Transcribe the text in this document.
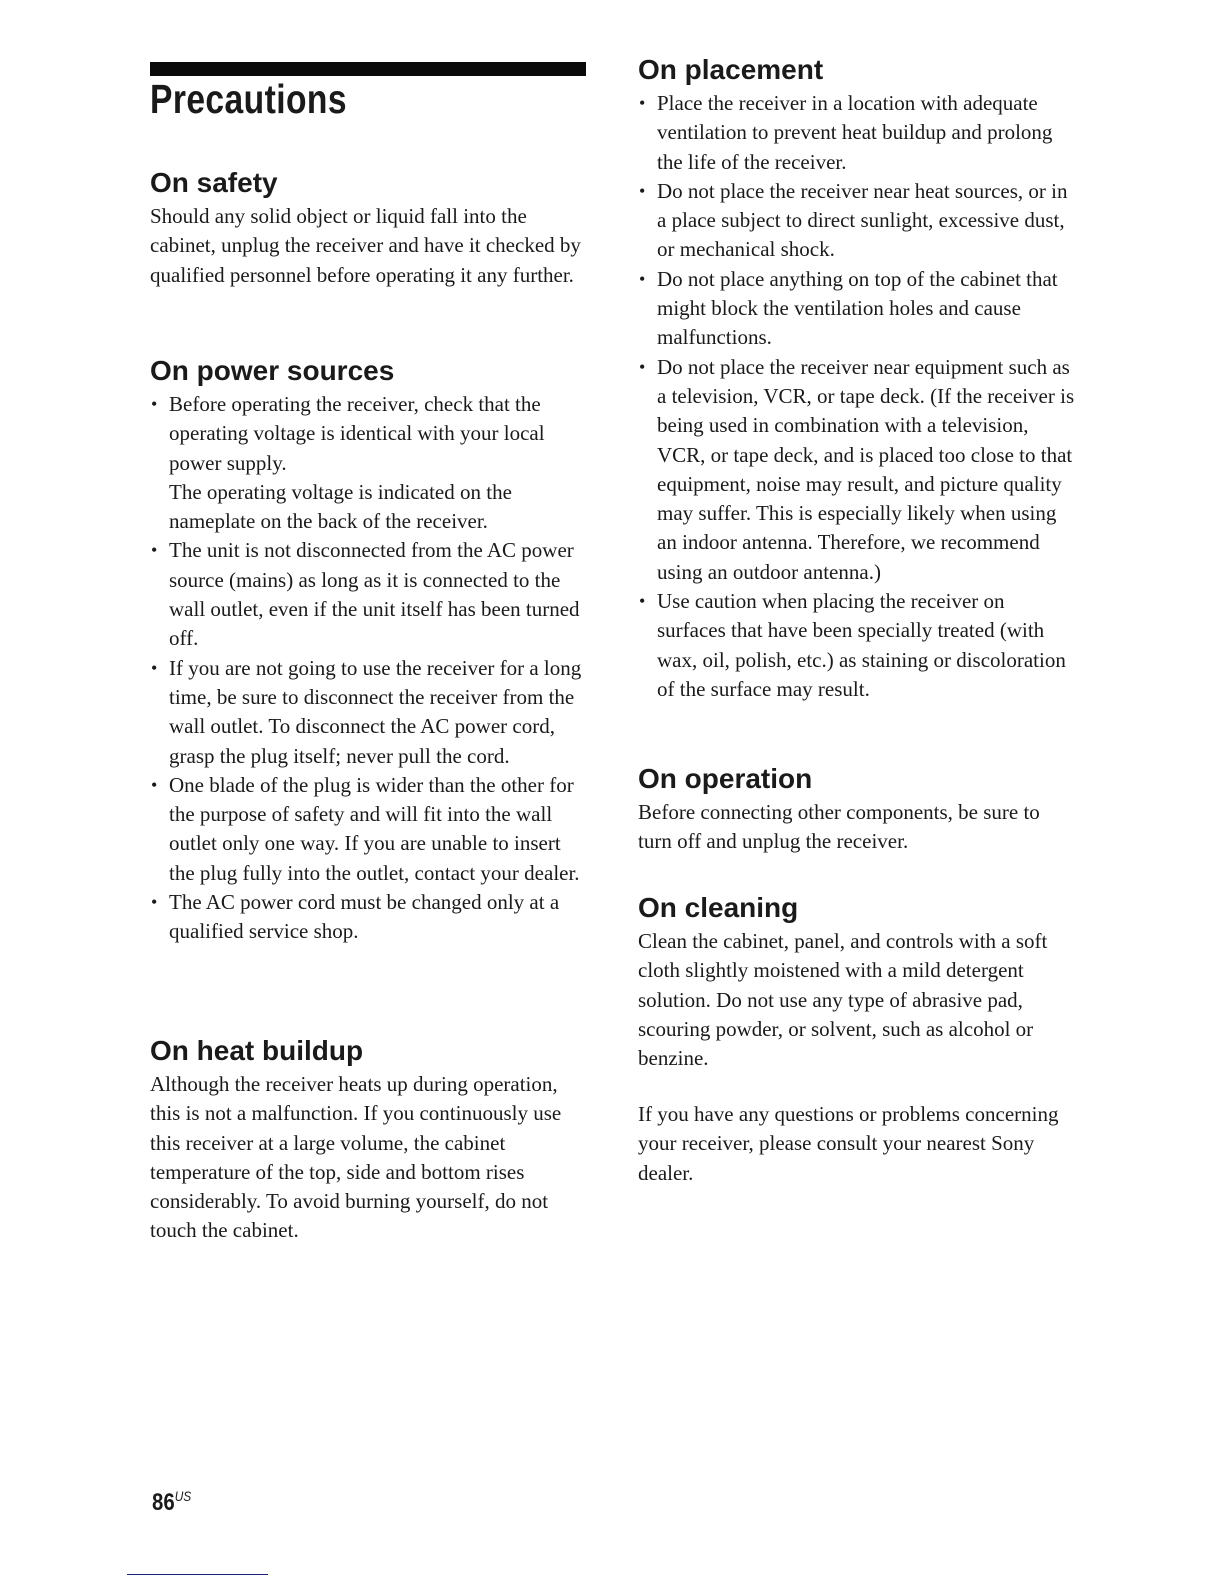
Precautions
On safety

Should any solid object or liquid fall into the cabinet, unplug the receiver and have it checked by qualified personnel before operating it any further.

On power sources
• Before operating the receiver, check that the operating voltage is identical with your local power supply.
The operating voltage is indicated on the nameplate on the back of the receiver.
• The unit is not disconnected from the AC power source (mains) as long as it is connected to the wall outlet, even if the unit itself has been turned off.
• If you are not going to use the receiver for a long time, be sure to disconnect the receiver from the wall outlet. To disconnect the AC power cord, grasp the plug itself; never pull the cord.
• One blade of the plug is wider than the other for the purpose of safety and will fit into the wall outlet only one way. If you are unable to insert the plug fully into the outlet, contact your dealer.
• The AC power cord must be changed only at a qualified service shop.
On heat buildup

Although the receiver heats up during operation, this is not a malfunction. If you continuously use this receiver at a large volume, the cabinet temperature of the top, side and bottom rises considerably. To avoid burning yourself, do not touch the cabinet.

On placement
• Place the receiver in a location with adequate ventilation to prevent heat buildup and prolong the life of the receiver.
• Do not place the receiver near heat sources, or in a place subject to direct sunlight, excessive dust, or mechanical shock.
• Do not place anything on top of the cabinet that might block the ventilation holes and cause malfunctions.
• Do not place the receiver near equipment such as a television, VCR, or tape deck. (If the receiver is being used in combination with a television, VCR, or tape deck, and is placed too close to that equipment, noise may result, and picture quality may suffer. This is especially likely when using an indoor antenna. Therefore, we recommend using an outdoor antenna.)
• Use caution when placing the receiver on surfaces that have been specially treated (with wax, oil, polish, etc.) as staining or discoloration of the surface may result.
On operation

Before connecting other components, be sure to turn off and unplug the receiver.

On cleaning

Clean the cabinet, panel, and controls with a soft cloth slightly moistened with a mild detergent solution. Do not use any type of abrasive pad, scouring powder, or solvent, such as alcohol or benzine.

If you have any questions or problems concerning your receiver, please consult your nearest Sony dealer.

$86^{US}$
